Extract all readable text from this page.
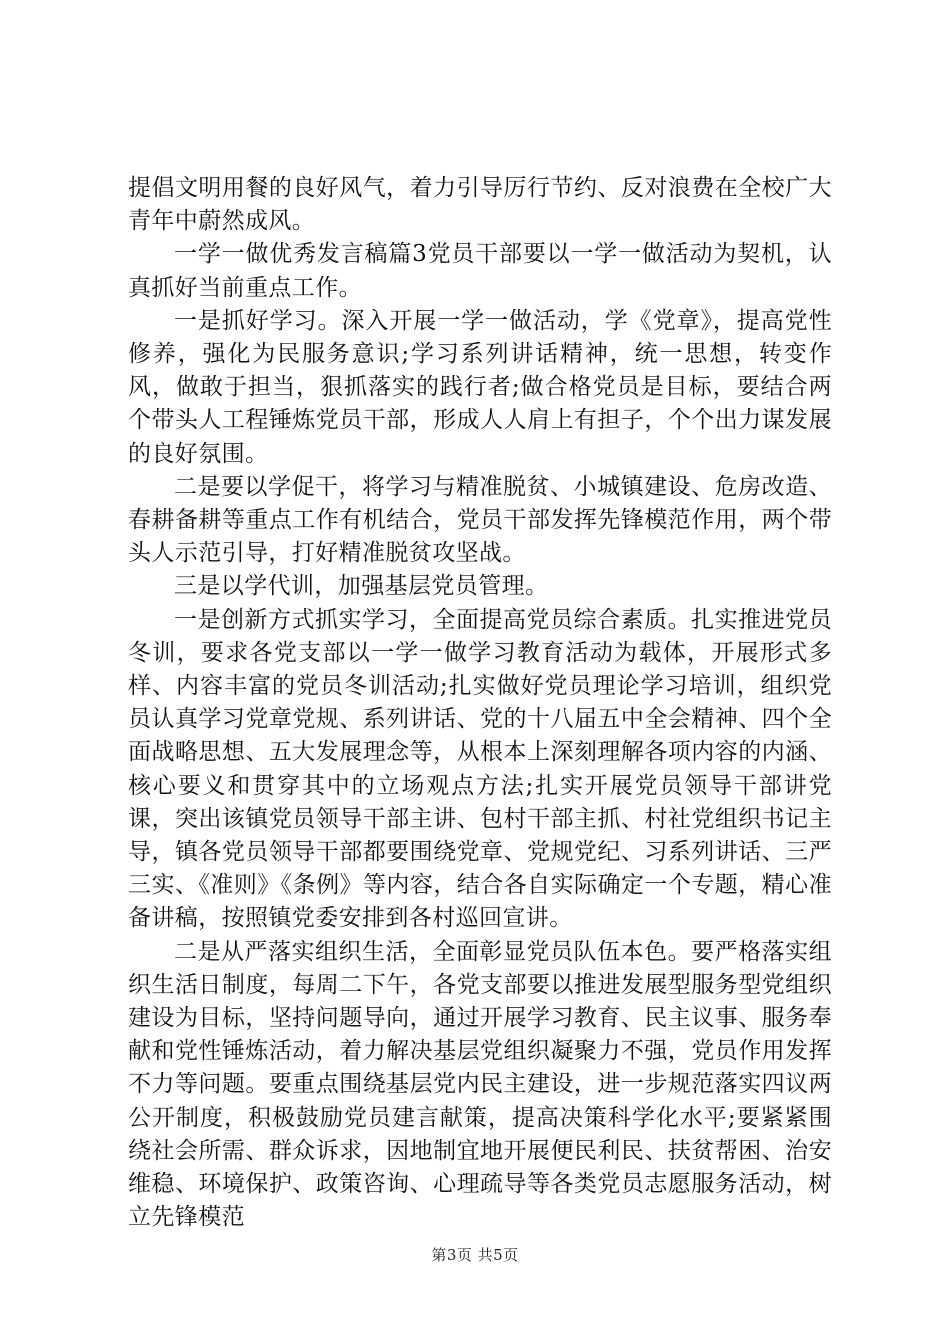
提倡文明用餐的良好风气，着力引导厉行节约、反对浪费在全校广大青年中蔚然成风。

一学一做优秀发言稿篇3党员干部要以一学一做活动为契机，认真抓好当前重点工作。

一是抓好学习。深入开展一学一做活动，学《党章》，提高党性修养，强化为民服务意识;学习系列讲话精神，统一思想，转变作风，做敢于担当，狠抓落实的践行者;做合格党员是目标，要结合两个带头人工程锤炼党员干部，形成人人肩上有担子，个个出力谋发展的良好氛围。

二是要以学促干，将学习与精准脱贫、小城镇建设、危房改造、春耕备耕等重点工作有机结合，党员干部发挥先锋模范作用，两个带头人示范引导，打好精准脱贫攻坚战。

三是以学代训，加强基层党员管理。

一是创新方式抓实学习，全面提高党员综合素质。扎实推进党员冬训，要求各党支部以一学一做学习教育活动为载体，开展形式多样、内容丰富的党员冬训活动;扎实做好党员理论学习培训，组织党员认真学习党章党规、系列讲话、党的十八届五中全会精神、四个全面战略思想、五大发展理念等，从根本上深刻理解各项内容的内涵、核心要义和贯穿其中的立场观点方法;扎实开展党员领导干部讲党课，突出该镇党员领导干部主讲、包村干部主抓、村社党组织书记主导，镇各党员领导干部都要围绕党章、党规党纪、习系列讲话、三严三实、《准则》《条例》等内容，结合各自实际确定一个专题，精心准备讲稿，按照镇党委安排到各村巡回宣讲。

二是从严落实组织生活，全面彰显党员队伍本色。要严格落实组织生活日制度，每周二下午，各党支部要以推进发展型服务型党组织建设为目标，坚持问题导向，通过开展学习教育、民主议事、服务奉献和党性锤炼活动，着力解决基层党组织凝聚力不强，党员作用发挥不力等问题。要重点围绕基层党内民主建设，进一步规范落实四议两公开制度，积极鼓励党员建言献策，提高决策科学化水平;要紧紧围绕社会所需、群众诉求，因地制宜地开展便民利民、扶贫帮困、治安维稳、环境保护、政策咨询、心理疏导等各类党员志愿服务活动，树立先锋模范

第3页 共5页
